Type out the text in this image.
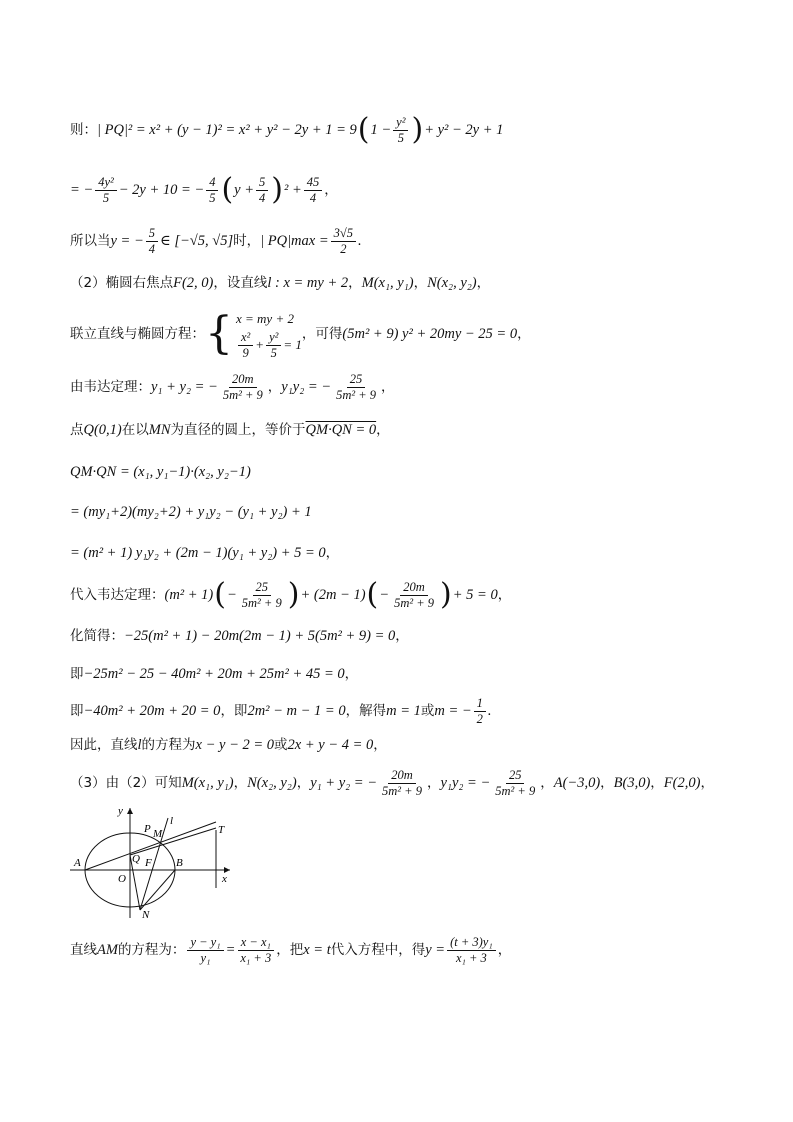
则： | PQ|² = x² + (y − 1)² = x² + y² − 2y + 1 = 9 ( $1 - \frac{\text{y²}}{5}$ ) + y² − 2y + 1
= − $\frac{\text{4y²}}{5} - 2y + 10$ = − $\frac{4}{5}$ ( $y + \frac{5}{4}$ ) $^2 + \frac{45}{4}$ ，
所以当 y = − $\frac{5}{4}$ ∈ [−√5, √5] 时， | $PQ|\max = \frac{3√5}{2}$ .
（2）椭圆右焦点 F(2, 0) ，设直线 l : x = my + 2 ， M(x₁, y₁) ， N(x₂, y₂) ，
联立直线与椭圆方程： { x = my + 2
$\frac{\text{x²}}{9} + \frac{\text{y²}}{5} = 1$
，可得 (5m² + 9) y² + 20my − 25 = 0 ，
由韦达定理： y₁ + y₂ = − $\frac{20m}{\text{5m² + 9}}$ ， y₁y₂ = − $\frac{25}{\text{5m² + 9}}$ ，
点 Q(0,1) 在以 MN 为直径的圆上，等价于 QM·QN = 0 ，
QM·QN = (x₁, y₁−1)·(x₂, y₂−1)
= (my₁+2)(my₂+2) + y₁y₂ − (y₁ + y₂) + 1
= (m² + 1) y₁y₂ + (2m − 1)(y₁ + y₂) + 5 = 0 ，
代入韦达定理： (m² + 1) ( − $\frac{25}{\text{5m² + 9}}$ ) + (2m − 1) ( − $\frac{20m}{\text{5m² + 9}}$ ) + 5 = 0 ，
化简得： −25(m² + 1) − 20m(2m − 1) + 5(5m² + 9) = 0 ，
即 −25m² − 25 − 40m² + 20m + 25m² + 45 = 0 ，
即 −40m² + 20m + 20 = 0 ，即 2m² − m − 1 = 0 ，解得 m = 1 或 m = − $\frac{1}{2}$ .
因此，直线 l 的方程为 x − y − 2 = 0 或 2x + y − 4 = 0 ，
（3）由（2）可知 M(x₁, y₁) ， N(x₂, y₂) ， y₁ + y₂ = − $\frac{20m}{\text{5m² + 9}}$ ， y₁y₂ = − $\frac{25}{\text{5m² + 9}}$ ， A(−3,0) ， B(3,0) ， F(2,0) ，
y
P M
l
T
A	Q F B
O	x
N
直线 AM 的方程为： $\frac{\text{y − y₁}}{\text{y₁}} = \frac{\text{x − x₁}}{\text{x₁ + 3}}$ ，把 x = t 代入方程中，得 $y = \frac{\text{(t + 3)y₁}}{\text{x₁ + 3}}$ ，
